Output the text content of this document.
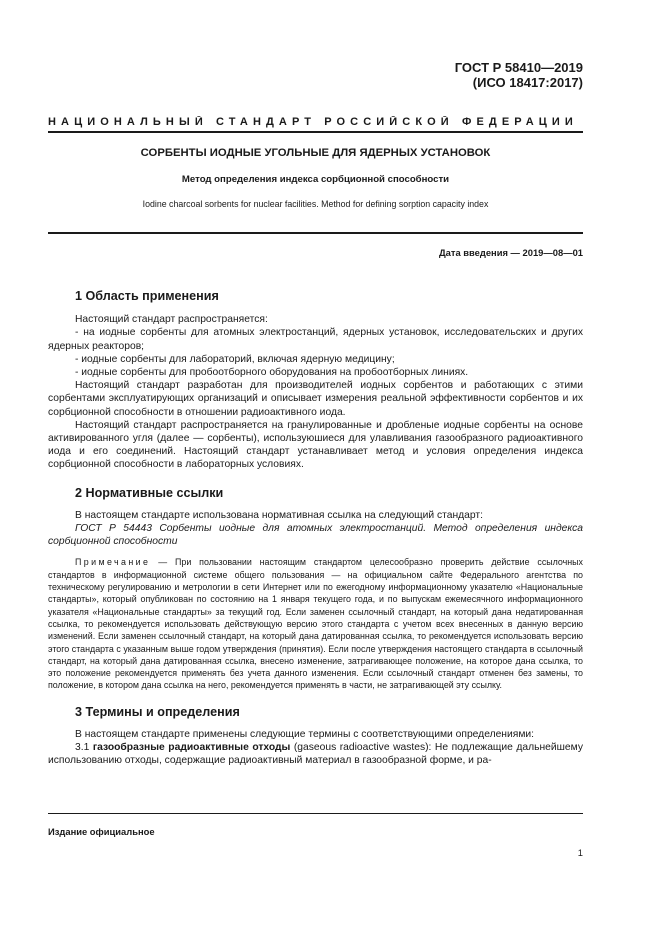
ГОСТ Р 58410—2019
(ИСО 18417:2017)
НАЦИОНАЛЬНЫЙ СТАНДАРТ РОССИЙСКОЙ ФЕДЕРАЦИИ
СОРБЕНТЫ ИОДНЫЕ УГОЛЬНЫЕ ДЛЯ ЯДЕРНЫХ УСТАНОВОК
Метод определения индекса сорбционной способности
Iodine charcoal sorbents for nuclear facilities. Method for defining sorption capacity index
Дата введения — 2019—08—01
1 Область применения

Настоящий стандарт распространяется:

- на иодные сорбенты для атомных электростанций, ядерных установок, исследовательских и других ядерных реакторов;

- иодные сорбенты для лабораторий, включая ядерную медицину;

- иодные сорбенты для пробоотборного оборудования на пробоотборных линиях.

Настоящий стандарт разработан для производителей иодных сорбентов и работающих с этими сорбентами эксплуатирующих организаций и описывает измерения реальной эффективности сорбентов и их сорбционной способности в отношении радиоактивного иода.

Настоящий стандарт распространяется на гранулированные и дробленые иодные сорбенты на основе активированного угля (далее — сорбенты), используюшиеся для улавливания газообразного радиоактивного иода и его соединений. Настоящий стандарт устанавливает метод и условия определения индекса сорбционной способности в лабораторных условиях.

2 Нормативные ссылки

В настоящем стандарте использована нормативная ссылка на следующий стандарт:

ГОСТ Р 54443 Сорбенты иодные для атомных электростанций. Метод определения индекса сорбционной способности

Примечание — При пользовании настоящим стандартом целесообразно проверить действие ссылочных стандартов в информационной системе общего пользования — на официальном сайте Федерального агентства по техническому регулированию и метрологии в сети Интернет или по ежегодному информационному указателю «Национальные стандарты», который опубликован по состоянию на 1 января текущего года, и по выпускам ежемесячного информационного указателя «Национальные стандарты» за текущий год. Если заменен ссылочный стандарт, на который дана недатированная ссылка, то рекомендуется использовать действующую версию этого стандарта с учетом всех внесенных в данную версию изменений. Если заменен ссылочный стандарт, на который дана датированная ссылка, то рекомендуется использовать версию этого стандарта с указанным выше годом утверждения (принятия). Если после утверждения настоящего стандарта в ссылочный стандарт, на который дана датированная ссылка, внесено изменение, затрагивающее положение, на которое дана ссылка, то это положение рекомендуется применять без учета данного изменения. Если ссылочный стандарт отменен без замены, то положение, в котором дана ссылка на него, рекомендуется применять в части, не затрагивающей эту ссылку.

3 Термины и определения

В настоящем стандарте применены следующие термины с соответствующими определениями:

3.1 газообразные радиоактивные отходы (gaseous radioactive wastes): Не подлежащие дальнейшему использованию отходы, содержащие радиоактивный материал в газообразной форме, и ра-

Издание официальное
1
